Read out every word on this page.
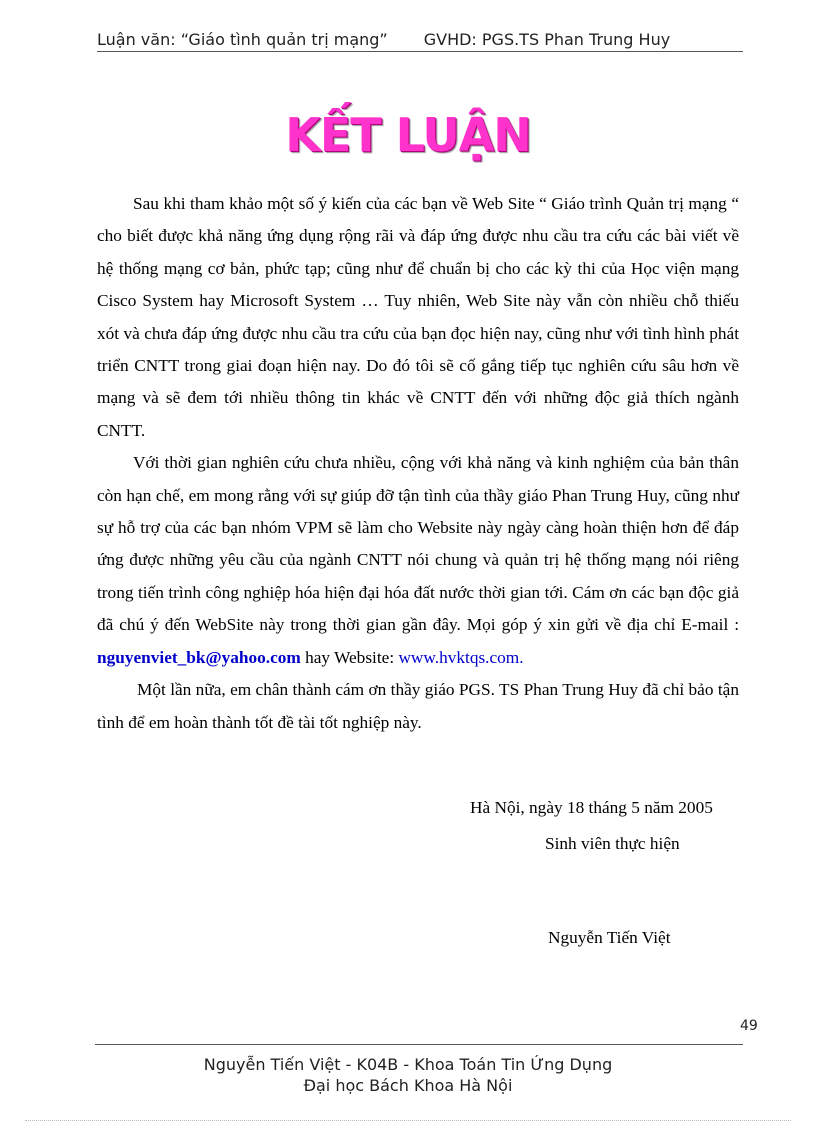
Luận văn: “Giáo tình quản trị mạng” GVHD: PGS.TS Phan Trung Huy
KẾT LUẬN

Sau khi tham khảo một số ý kiến của các bạn về Web Site “ Giáo trình Quản trị mạng “ cho biết được khả năng ứng dụng rộng rãi và đáp ứng được nhu cầu tra cứu các bài viết về hệ thống mạng cơ bản, phức tạp; cũng như để chuẩn bị cho các kỳ thi của Học viện mạng Cisco System hay Microsoft System … Tuy nhiên, Web Site này vẫn còn nhiều chỗ thiếu xót và chưa đáp ứng được nhu cầu tra cứu của bạn đọc hiện nay, cũng như với tình hình phát triển CNTT trong giai đoạn hiện nay. Do đó tôi sẽ cố gắng tiếp tục nghiên cứu sâu hơn về mạng và sẽ đem tới nhiều thông tin khác về CNTT đến với những độc giả thích ngành CNTT.

Với thời gian nghiên cứu chưa nhiều, cộng với khả năng và kinh nghiệm của bản thân còn hạn chế, em mong rằng với sự giúp đỡ tận tình của thầy giáo Phan Trung Huy, cũng như sự hỗ trợ của các bạn nhóm VPM sẽ làm cho Website này ngày càng hoàn thiện hơn để đáp ứng được những yêu cầu của ngành CNTT nói chung và quản trị hệ thống mạng nói riêng trong tiến trình công nghiệp hóa hiện đại hóa đất nước thời gian tới. Cám ơn các bạn độc giả đã chú ý đến WebSite này trong thời gian gần đây. Mọi góp ý xin gửi về địa chỉ E-mail : nguyenviet_bk@yahoo.com hay Website: www.hvktqs.com.

Một lần nữa, em chân thành cám ơn thầy giáo PGS. TS Phan Trung Huy đã chỉ bảo tận tình để em hoàn thành tốt đề tài tốt nghiệp này.

Hà Nội, ngày 18 tháng 5 năm 2005
Sinh viên thực hiện
Nguyễn Tiến Việt
49
Nguyễn Tiến Việt - K04B - Khoa Toán Tin Ứng Dụng
Đại học Bách Khoa Hà Nội
